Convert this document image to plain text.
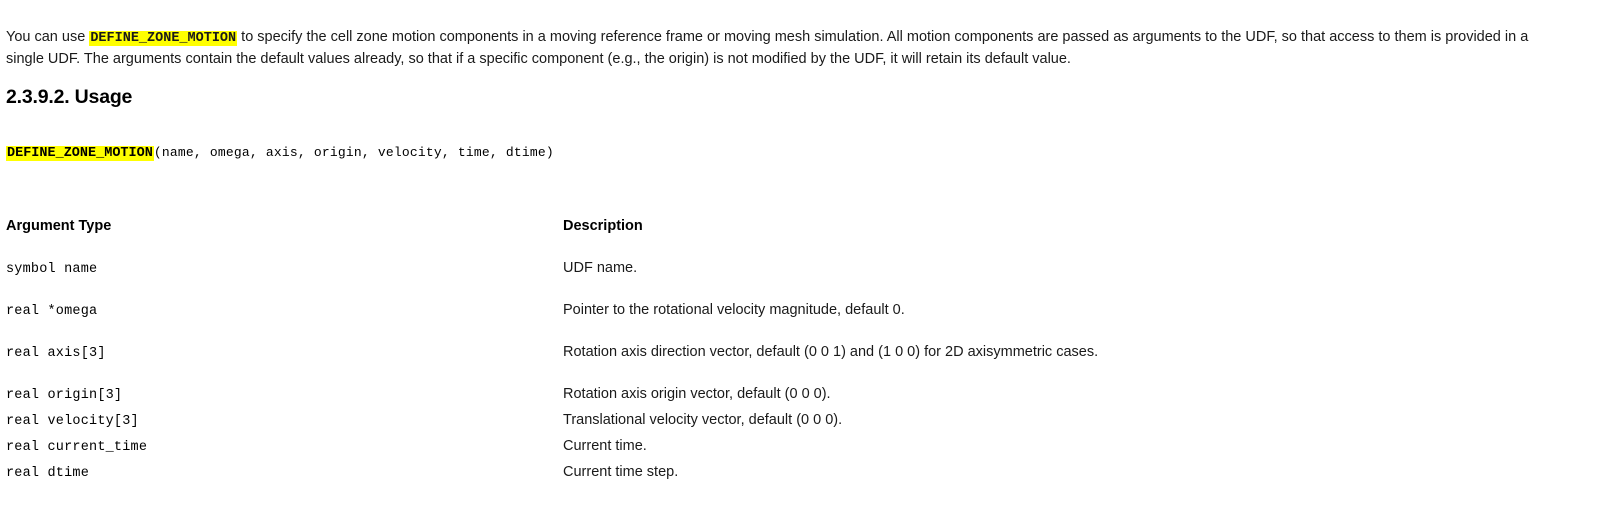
You can use DEFINE_ZONE_MOTION to specify the cell zone motion components in a moving reference frame or moving mesh simulation. All motion components are passed as arguments to the UDF, so that access to them is provided in a single UDF. The arguments contain the default values already, so that if a specific component (e.g., the origin) is not modified by the UDF, it will retain its default value.

2.3.9.2. Usage
DEFINE_ZONE_MOTION(name, omega, axis, origin, velocity, time, dtime)
Argument Type	Description
symbol name	UDF name.
real *omega	Pointer to the rotational velocity magnitude, default 0.
real axis[3]	Rotation axis direction vector, default (0 0 1) and (1 0 0) for 2D axisymmetric cases.
real origin[3]	Rotation axis origin vector, default (0 0 0).
real velocity[3]	Translational velocity vector, default (0 0 0).
real current_time	Current time.
real dtime	Current time step.
